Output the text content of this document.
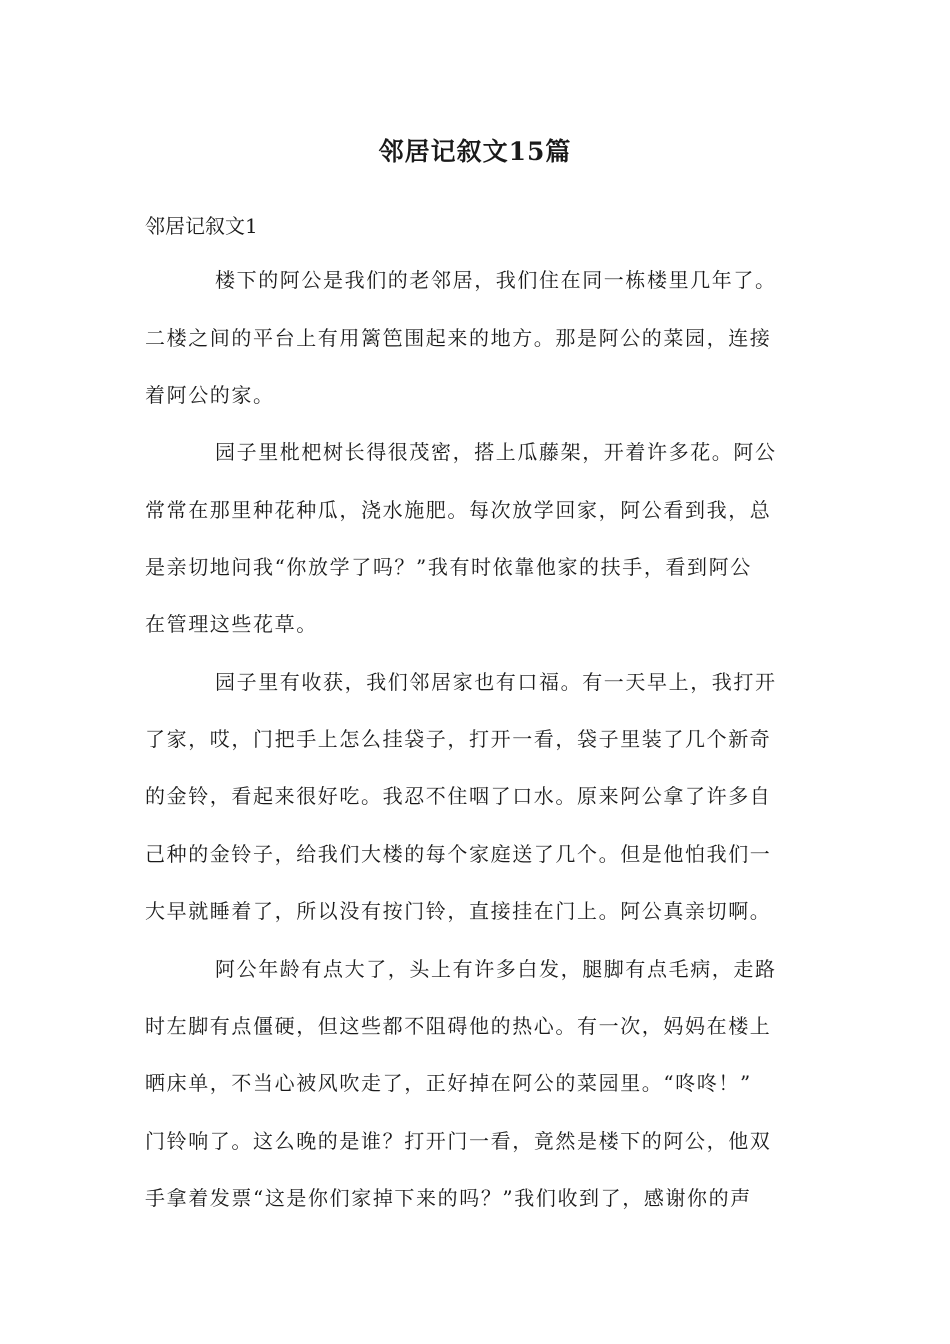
邻居记叙文15篇
邻居记叙文1
楼下的阿公是我们的老邻居，我们住在同一栋楼里几年了。
二楼之间的平台上有用篱笆围起来的地方。那是阿公的菜园，连接
着阿公的家。
园子里枇杷树长得很茂密，搭上瓜藤架，开着许多花。阿公
常常在那里种花种瓜，浇水施肥。每次放学回家，阿公看到我，总
是亲切地问我“你放学了吗？”我有时依靠他家的扶手，看到阿公
在管理这些花草。
园子里有收获，我们邻居家也有口福。有一天早上，我打开
了家，哎，门把手上怎么挂袋子，打开一看，袋子里装了几个新奇
的金铃，看起来很好吃。我忍不住咽了口水。原来阿公拿了许多自
己种的金铃子，给我们大楼的每个家庭送了几个。但是他怕我们一
大早就睡着了，所以没有按门铃，直接挂在门上。阿公真亲切啊。
阿公年龄有点大了，头上有许多白发，腿脚有点毛病，走路
时左脚有点僵硬，但这些都不阻碍他的热心。有一次，妈妈在楼上
晒床单，不当心被风吹走了，正好掉在阿公的菜园里。“咚咚！”
门铃响了。这么晚的是谁？打开门一看，竟然是楼下的阿公，他双
手拿着发票“这是你们家掉下来的吗？”我们收到了，感谢你的声
